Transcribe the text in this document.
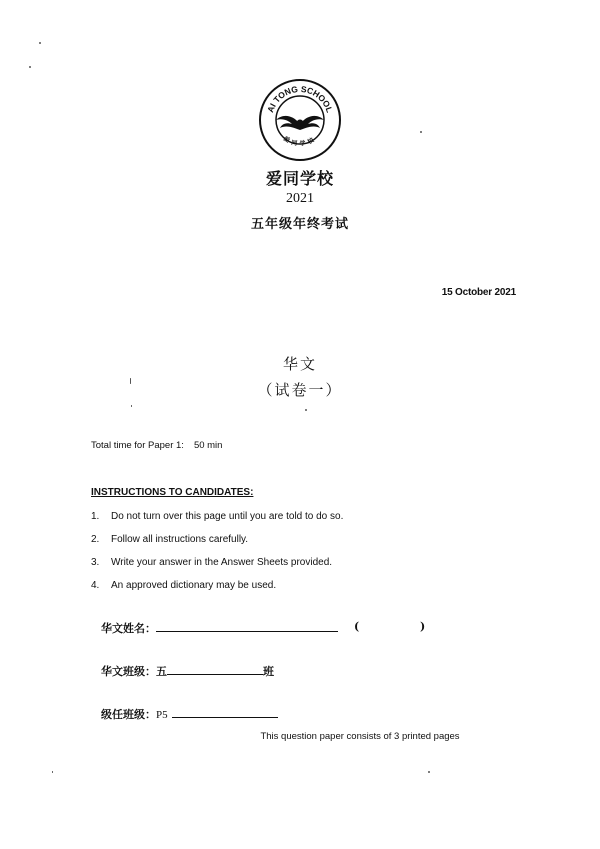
AI TONG SCHOOL
爱同学校
爱同学校
2021
五年级年终考试
15 October 2021
华文
（试卷一）
Total time for Paper 1: 50 min
INSTRUCTIONS TO CANDIDATES:
1. Do not turn over this page until you are told to do so.
2. Follow all instructions carefully.
3. Write your answer in the Answer Sheets provided.
4. An approved dictionary may be used.
华文姓名：	(	)
华文班级：五	班
级任班级：P5
This question paper consists of 3 printed pages
